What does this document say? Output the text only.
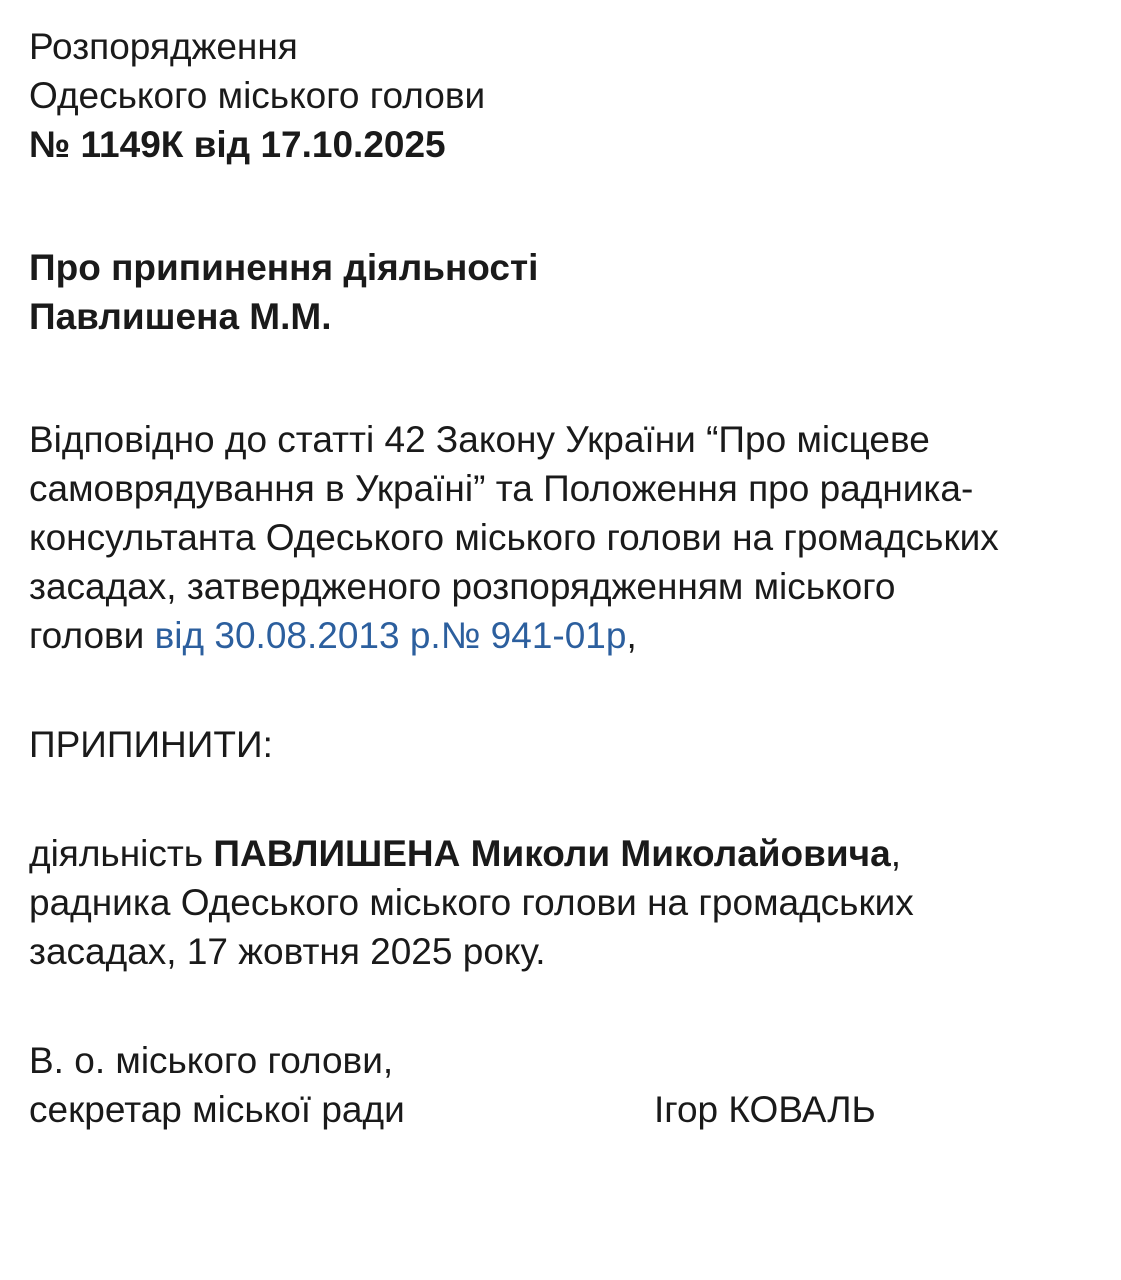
Розпорядження
Одеського міського голови
№ 1149К від 17.10.2025
Про припинення діяльності
Павлишена М.М.
Відповідно до статті 42 Закону України “Про місцеве
самоврядування в Україні” та Положення про радника-
консультанта Одеського міського голови на громадських
засадах, затвердженого розпорядженням міського
голови від 30.08.2013 р.№ 941-01р,
ПРИПИНИТИ:
діяльність ПАВЛИШЕНА Миколи Миколайовича,
радника Одеського міського голови на громадських
засадах, 17 жовтня 2025 року.
В. о. міського голови,
секретар міської ради	Ігор КОВАЛЬ
